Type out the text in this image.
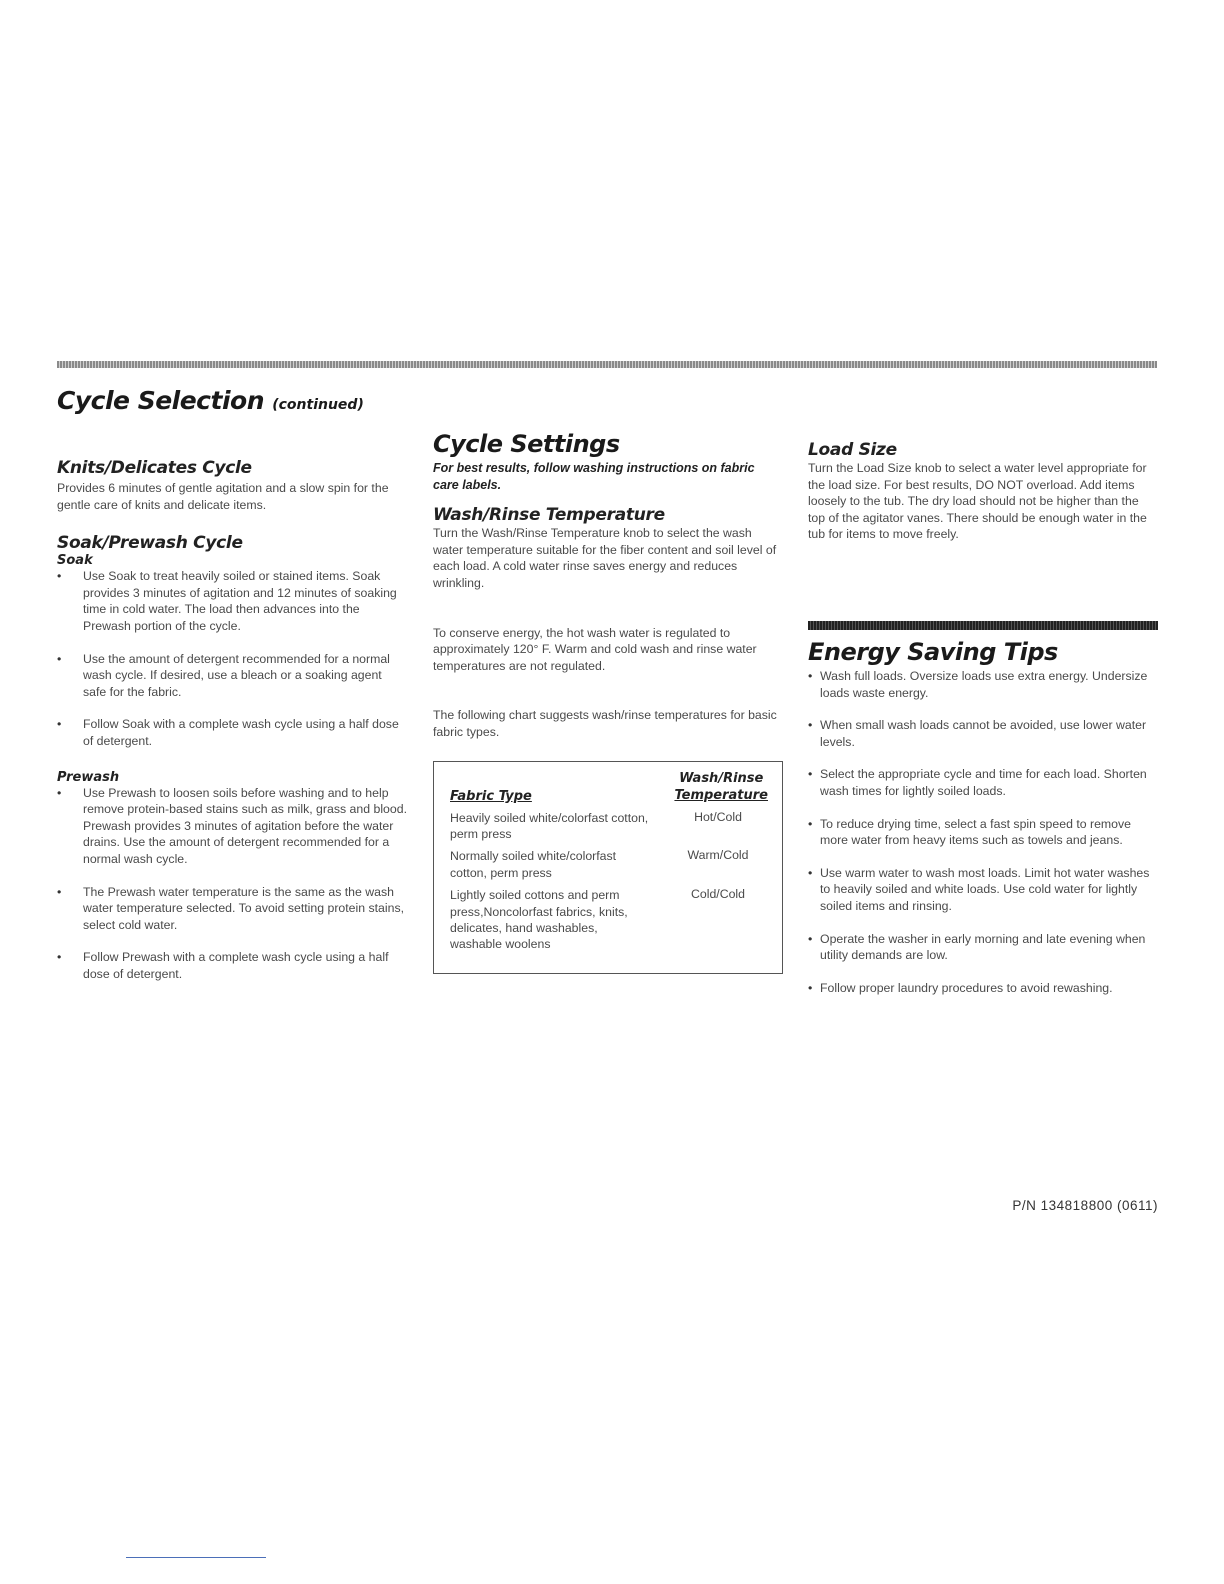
Cycle Selection (continued)
Knits/Delicates Cycle

Provides 6 minutes of gentle agitation and a slow spin for the gentle care of knits and delicate items.

Soak/Prewash Cycle
Soak
• Use Soak to treat heavily soiled or stained items. Soak provides 3 minutes of agitation and 12 minutes of soaking time in cold water. The load then advances into the Prewash portion of the cycle.
• Use the amount of detergent recommended for a normal wash cycle. If desired, use a bleach or a soaking agent safe for the fabric.
• Follow Soak with a complete wash cycle using a half dose of detergent.
Prewash
• Use Prewash to loosen soils before washing and to help remove protein-based stains such as milk, grass and blood. Prewash provides 3 minutes of agitation before the water drains. Use the amount of detergent recommended for a normal wash cycle.
• The Prewash water temperature is the same as the wash water temperature selected. To avoid setting protein stains, select cold water.
• Follow Prewash with a complete wash cycle using a half dose of detergent.
Cycle Settings

For best results, follow washing instructions on fabric care labels.

Wash/Rinse Temperature

Turn the Wash/Rinse Temperature knob to select the wash water temperature suitable for the fiber content and soil level of each load. A cold water rinse saves energy and reduces wrinkling.

To conserve energy, the hot wash water is regulated to approximately 120° F. Warm and cold wash and rinse water temperatures are not regulated.

The following chart suggests wash/rinse temperatures for basic fabric types.

Fabric Type
Wash/Rinse
Temperature
Heavily soiled white/colorfast cotton, perm press
Hot/Cold
Normally soiled white/colorfast cotton, perm press
Warm/Cold
Lightly soiled cottons and perm press,Noncolorfast fabrics, knits, delicates, hand washables, washable woolens
Cold/Cold
Load Size

Turn the Load Size knob to select a water level appropriate for the load size. For best results, DO NOT overload. Add items loosely to the tub. The dry load should not be higher than the top of the agitator vanes. There should be enough water in the tub for items to move freely.

Energy Saving Tips
• Wash full loads. Oversize loads use extra energy. Undersize loads waste energy.
• When small wash loads cannot be avoided, use lower water levels.
• Select the appropriate cycle and time for each load. Shorten wash times for lightly soiled loads.
• To reduce drying time, select a fast spin speed to remove more water from heavy items such as towels and jeans.
• Use warm water to wash most loads. Limit hot water washes to heavily soiled and white loads. Use cold water for lightly soiled items and rinsing.
• Operate the washer in early morning and late evening when utility demands are low.
• Follow proper laundry procedures to avoid rewashing.
P/N 134818800 (0611)
